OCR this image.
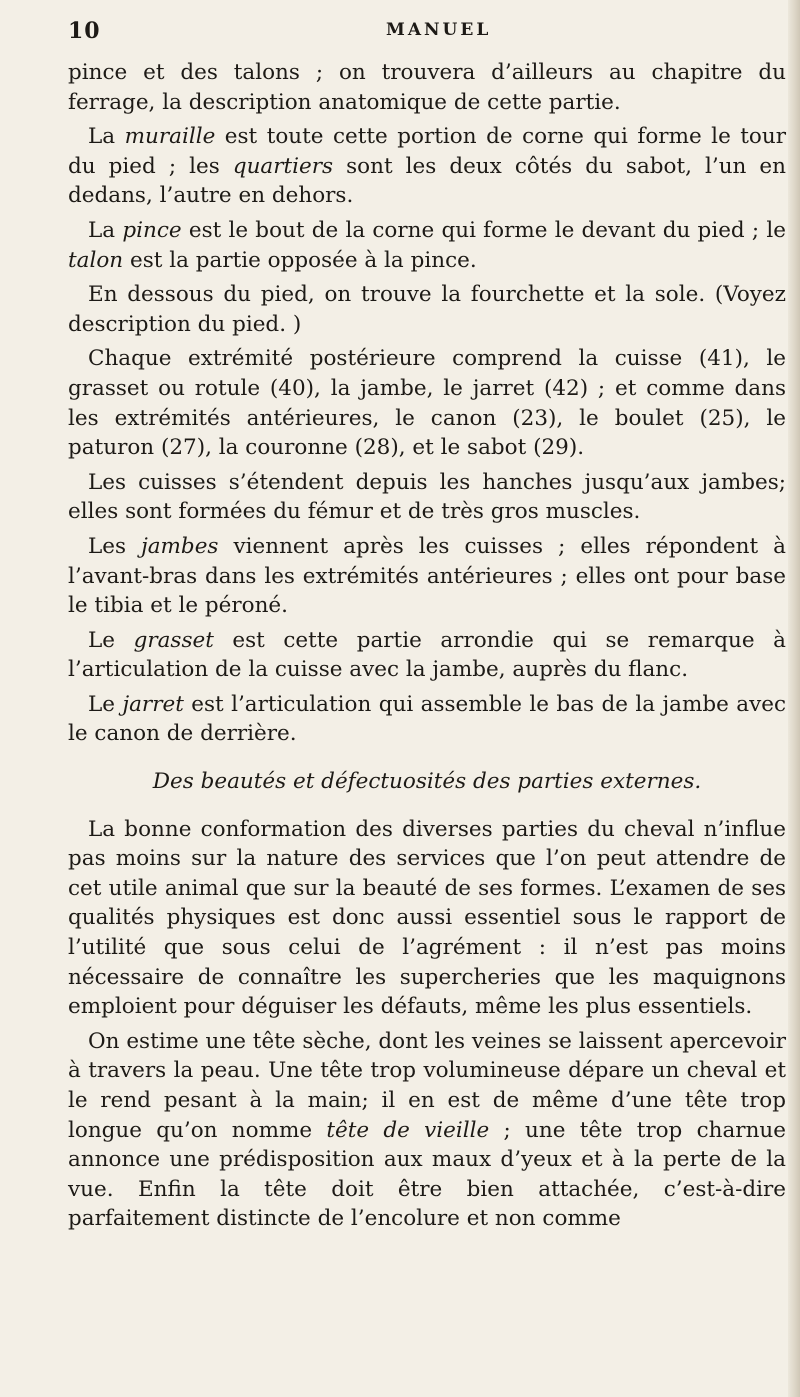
10	MANUEL

pince et des talons ; on trouvera d’ailleurs au chapitre du ferrage, la description anatomique de cette partie.

La muraille est toute cette portion de corne qui forme le tour du pied ; les quartiers sont les deux côtés du sabot, l’un en dedans, l’autre en dehors.

La pince est le bout de la corne qui forme le devant du pied ; le talon est la partie opposée à la pince.

En dessous du pied, on trouve la fourchette et la sole. (Voyez description du pied. )

Chaque extrémité postérieure comprend la cuisse (41), le grasset ou rotule (40), la jambe, le jarret (42) ; et comme dans les extrémités antérieures, le canon (23), le boulet (25), le paturon (27), la couronne (28), et le sabot (29).

Les cuisses s’étendent depuis les hanches jusqu’aux jambes; elles sont formées du fémur et de très gros muscles.

Les jambes viennent après les cuisses ; elles répondent à l’avant-bras dans les extrémités antérieures ; elles ont pour base le tibia et le péroné.

Le grasset est cette partie arrondie qui se remarque à l’articulation de la cuisse avec la jambe, auprès du flanc.

Le jarret est l’articulation qui assemble le bas de la jambe avec le canon de derrière.

Des beautés et défectuosités des parties externes.

La bonne conformation des diverses parties du cheval n’influe pas moins sur la nature des services que l’on peut attendre de cet utile animal que sur la beauté de ses formes. L’examen de ses qualités physiques est donc aussi essentiel sous le rapport de l’utilité que sous celui de l’agrément : il n’est pas moins nécessaire de connaître les supercheries que les maquignons emploient pour déguiser les défauts, même les plus essentiels.

On estime une tête sèche, dont les veines se laissent apercevoir à travers la peau. Une tête trop volumineuse dépare un cheval et le rend pesant à la main; il en est de même d’une tête trop longue qu’on nomme tête de vieille ; une tête trop charnue annonce une prédisposition aux maux d’yeux et à la perte de la vue. Enfin la tête doit être bien attachée, c’est-à-dire parfaitement distincte de l’encolure et non comme
